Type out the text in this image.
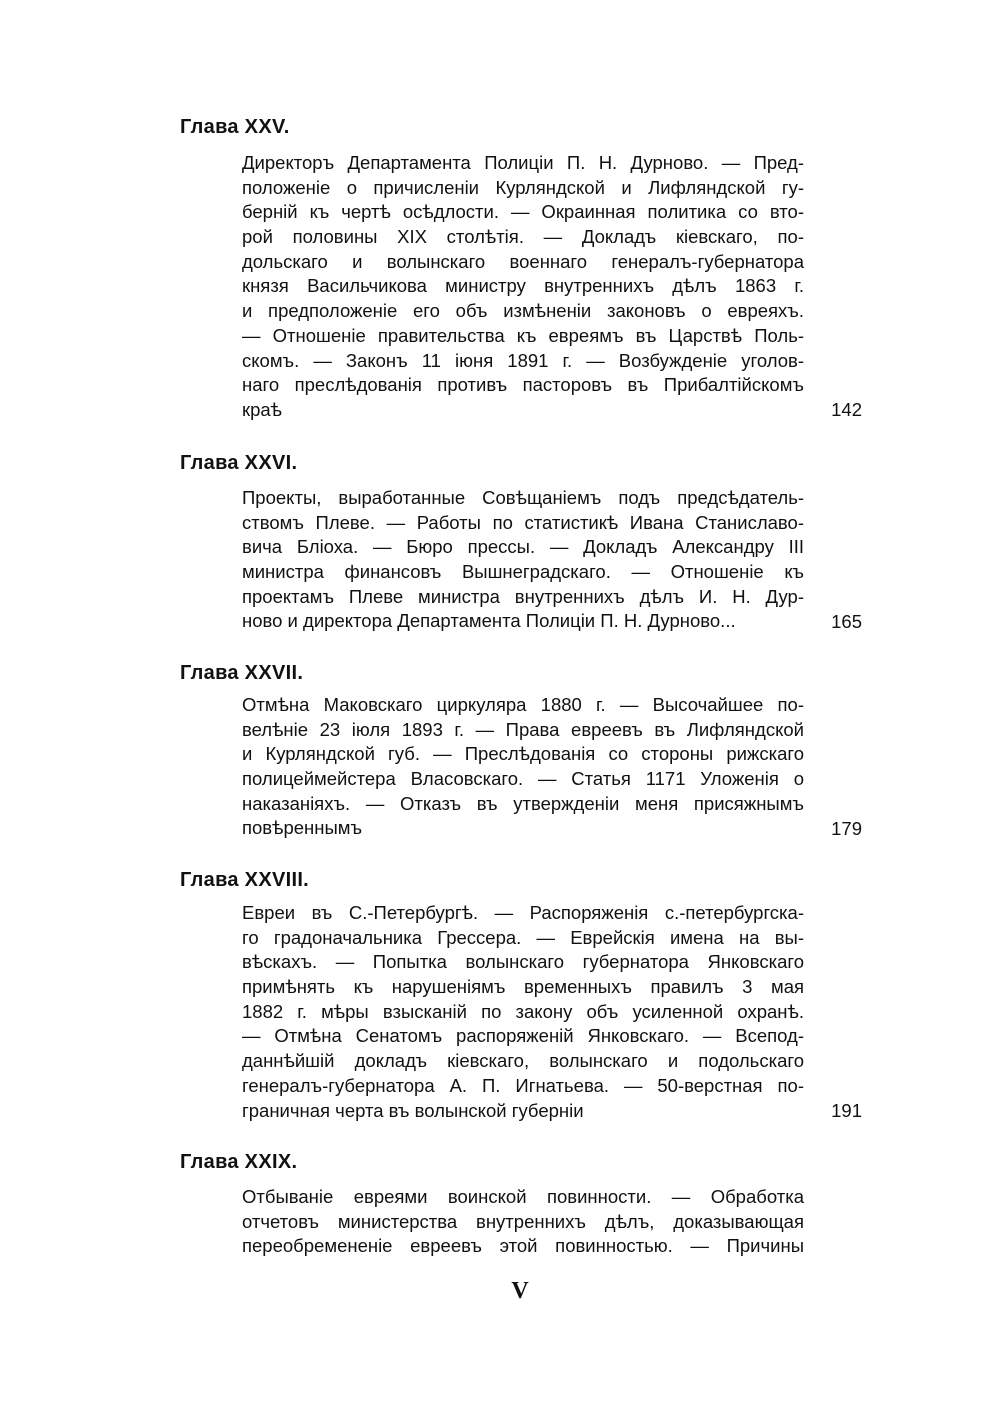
Глава XXV.
Директоръ Департамента Полиціи П. Н. Дурново. — Пред-
положеніе о причисленіи Курляндской и Лифляндской гу-
берній къ чертѣ осѣдлости. — Окраинная политика со вто-
рой половины XIX столѣтія. — Докладъ кіевскаго, по-
дольскаго и волынскаго военнаго генералъ-губернатора
князя Васильчикова министру внутреннихъ дѣлъ 1863 г.
и предположеніе его объ измѣненіи законовъ о евреяхъ.
— Отношеніе правительства къ евреямъ въ Царствѣ Поль-
скомъ. — Законъ 11 іюня 1891 г. — Возбужденіе уголов-
наго преслѣдованія противъ пасторовъ въ Прибалтійскомъ
краѣ	142
Глава XXVI.
Проекты, выработанные Совѣщаніемъ подъ предсѣдатель-
ствомъ Плеве. — Работы по статистикѣ Ивана Станиславо-
вича Бліоха. — Бюро прессы. — Докладъ Александру III
министра финансовъ Вышнеградскаго. — Отношеніе къ
проектамъ Плеве министра внутреннихъ дѣлъ И. Н. Дур-
ново и директора Департамента Полиціи П. Н. Дурново...	165
Глава XXVII.
Отмѣна Маковскаго циркуляра 1880 г. — Высочайшее по-
велѣніе 23 іюля 1893 г. — Права евреевъ въ Лифляндской
и Курляндской губ. — Преслѣдованія со стороны рижскаго
полицеймейстера Власовскаго. — Статья 1171 Уложенія о
наказаніяхъ. — Отказъ въ утвержденіи меня присяжнымъ
повѣреннымъ	179
Глава XXVIII.
Евреи въ С.-Петербургѣ. — Распоряженія с.-петербургска-
го градоначальника Грессера. — Еврейскія имена на вы-
вѣскахъ. — Попытка волынскаго губернатора Янковскаго
примѣнять къ нарушеніямъ временныхъ правилъ 3 мая
1882 г. мѣры взысканій по закону объ усиленной охранѣ.
— Отмѣна Сенатомъ распоряженій Янковскаго. — Всепод-
даннѣйшій докладъ кіевскаго, волынскаго и подольскаго
генералъ-губернатора А. П. Игнатьева. — 50-верстная по-
граничная черта въ волынской губерніи	191
Глава XXIX.
Отбываніе евреями воинской повинности. — Обработка
отчетовъ министерства внутреннихъ дѣлъ, доказывающая
переобремененіе евреевъ этой повинностью. — Причины
V
